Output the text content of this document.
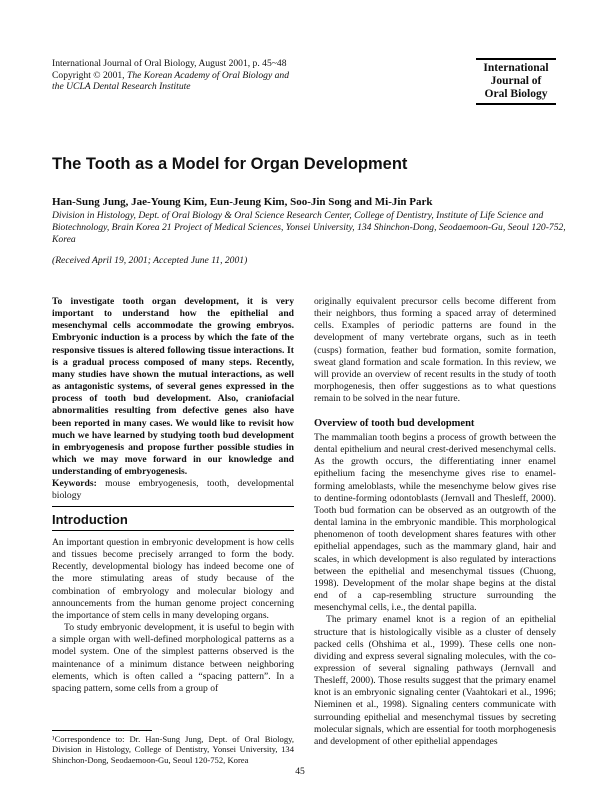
International Journal of Oral Biology, August 2001, p. 45~48
Copyright © 2001, The Korean Academy of Oral Biology and
the UCLA Dental Research Institute
International
Journal of
Oral Biology
The Tooth as a Model for Organ Development
Han-Sung Jung, Jae-Young Kim, Eun-Jeung Kim, Soo-Jin Song and Mi-Jin Park
Division in Histology, Dept. of Oral Biology & Oral Science Research Center, College of Dentistry, Institute of Life Science and Biotechnology, Brain Korea 21 Project of Medical Sciences, Yonsei University, 134 Shinchon-Dong, Seodaemoon-Gu, Seoul 120-752, Korea
(Received April 19, 2001; Accepted June 11, 2001)
To investigate tooth organ development, it is very important to understand how the epithelial and mesenchymal cells accommodate the growing embryos. Embryonic induction is a process by which the fate of the responsive tissues is altered following tissue interactions. It is a gradual process composed of many steps. Recently, many studies have shown the mutual interactions, as well as antagonistic systems, of several genes expressed in the process of tooth bud development. Also, craniofacial abnormalities resulting from defective genes also have been reported in many cases. We would like to revisit how much we have learned by studying tooth bud development in embryogenesis and propose further possible studies in which we may move forward in our knowledge and understanding of embryogenesis.
Keywords: mouse embryogenesis, tooth, developmental biology
Introduction

An important question in embryonic development is how cells and tissues become precisely arranged to form the body. Recently, developmental biology has indeed become one of the more stimulating areas of study because of the combination of embryology and molecular biology and announcements from the human genome project concerning the importance of stem cells in many developing organs.

To study embryonic development, it is useful to begin with a simple organ with well-defined morphological patterns as a model system. One of the simplest patterns observed is the maintenance of a minimum distance between neighboring elements, which is often called a “spacing pattern”. In a spacing pattern, some cells from a group of

¹Correspondence to: Dr. Han-Sung Jung, Dept. of Oral Biology, Division in Histology, College of Dentistry, Yonsei University, 134 Shinchon-Dong, Seodaemoon-Gu, Seoul 120-752, Korea
originally equivalent precursor cells become different from their neighbors, thus forming a spaced array of determined cells. Examples of periodic patterns are found in the development of many vertebrate organs, such as in teeth (cusps) formation, feather bud formation, somite formation, sweat gland formation and scale formation. In this review, we will provide an overview of recent results in the study of tooth morphogenesis, then offer suggestions as to what questions remain to be solved in the near future.
Overview of tooth bud development

The mammalian tooth begins a process of growth between the dental epithelium and neural crest-derived mesenchymal cells. As the growth occurs, the differentiating inner enamel epithelium facing the mesenchyme gives rise to enamel-forming ameloblasts, while the mesenchyme below gives rise to dentine-forming odontoblasts (Jernvall and Thesleff, 2000). Tooth bud formation can be observed as an outgrowth of the dental lamina in the embryonic mandible. This morphological phenomenon of tooth development shares features with other epithelial appendages, such as the mammary gland, hair and scales, in which development is also regulated by interactions between the epithelial and mesenchymal tissues (Chuong, 1998). Development of the molar shape begins at the distal end of a cap-resembling structure surrounding the mesenchymal cells, i.e., the dental papilla.

The primary enamel knot is a region of an epithelial structure that is histologically visible as a cluster of densely packed cells (Ohshima et al., 1999). These cells one non-dividing and express several signaling molecules, with the co-expression of several signaling pathways (Jernvall and Thesleff, 2000). Those results suggest that the primary enamel knot is an embryonic signaling center (Vaahtokari et al., 1996; Nieminen et al., 1998). Signaling centers communicate with surrounding epithelial and mesenchymal tissues by secreting molecular signals, which are essential for tooth morphogenesis and development of other epithelial appendages

45
